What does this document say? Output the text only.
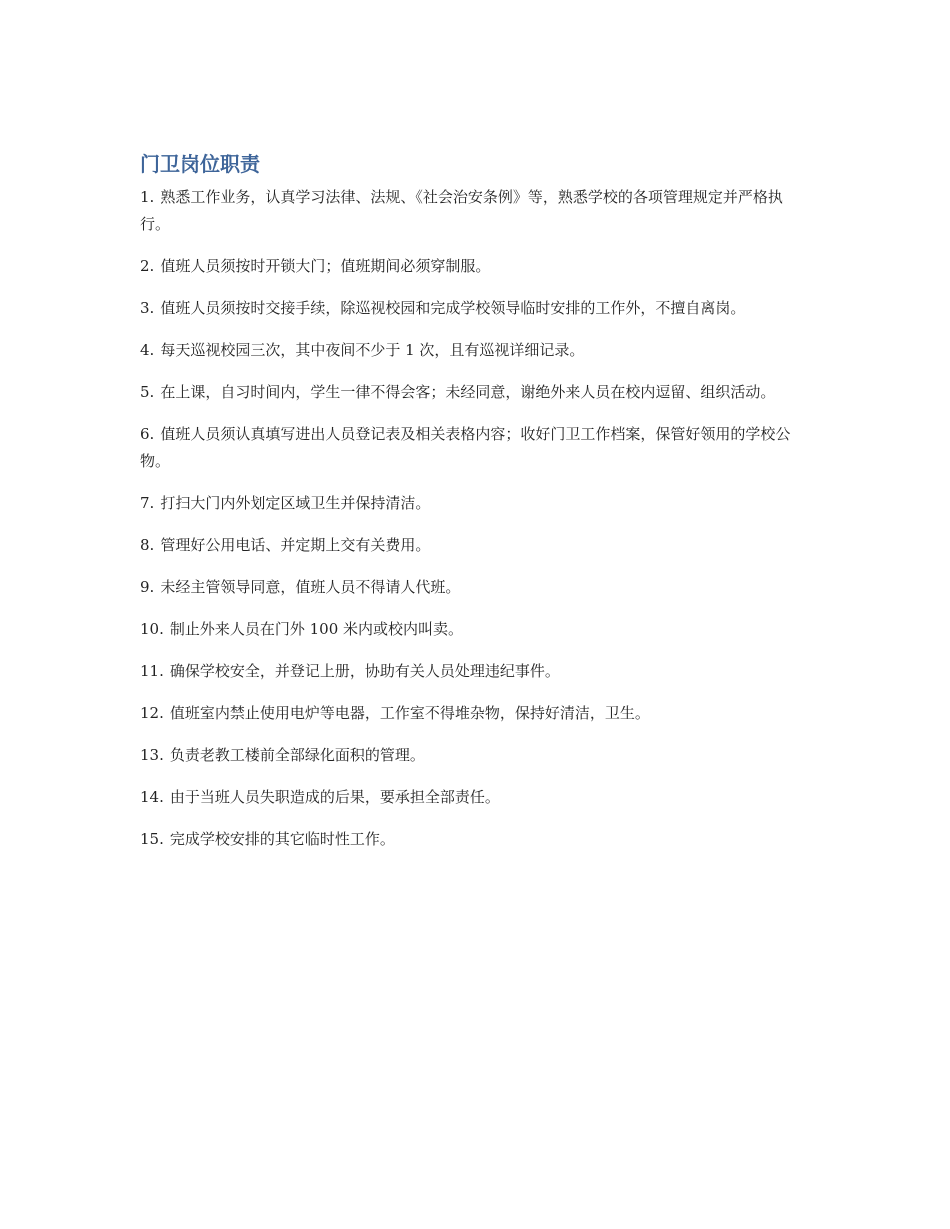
门卫岗位职责

1. 熟悉工作业务，认真学习法律、法规、《社会治安条例》等，熟悉学校的各项管理规定并严格执行。

2. 值班人员须按时开锁大门；值班期间必须穿制服。

3. 值班人员须按时交接手续，除巡视校园和完成学校领导临时安排的工作外，不擅自离岗。

4. 每天巡视校园三次，其中夜间不少于 1 次，且有巡视详细记录。

5. 在上课，自习时间内，学生一律不得会客；未经同意，谢绝外来人员在校内逗留、组织活动。

6. 值班人员须认真填写进出人员登记表及相关表格内容；收好门卫工作档案，保管好领用的学校公物。

7. 打扫大门内外划定区域卫生并保持清洁。

8. 管理好公用电话、并定期上交有关费用。

9. 未经主管领导同意，值班人员不得请人代班。

10. 制止外来人员在门外 100 米内或校内叫卖。

11. 确保学校安全，并登记上册，协助有关人员处理违纪事件。

12. 值班室内禁止使用电炉等电器，工作室不得堆杂物，保持好清洁，卫生。

13. 负责老教工楼前全部绿化面积的管理。

14. 由于当班人员失职造成的后果，要承担全部责任。

15. 完成学校安排的其它临时性工作。
